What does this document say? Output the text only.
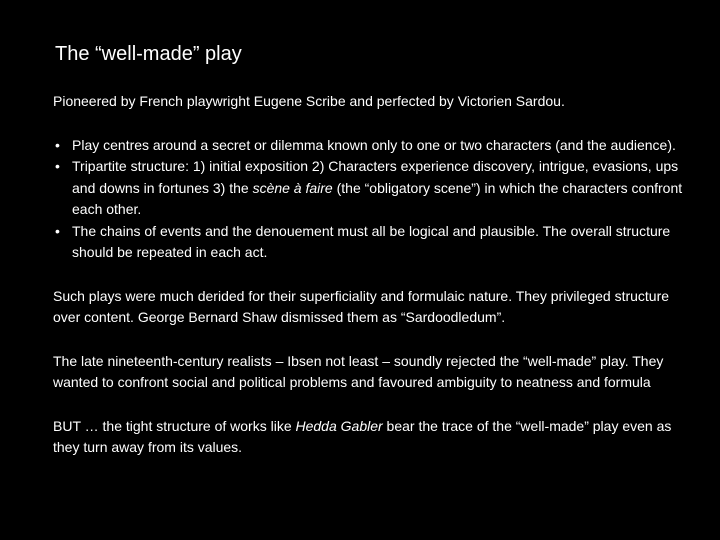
The “well-made” play

Pioneered by French playwright Eugene Scribe and perfected by Victorien Sardou.

• Play centres around a secret or dilemma known only to one or two characters (and the audience).
• Tripartite structure: 1) initial exposition 2) Characters experience discovery, intrigue, evasions, ups and downs in fortunes 3) the scène à faire (the “obligatory scene”) in which the characters confront each other.
• The chains of events and the denouement must all be logical and plausible. The overall structure should be repeated in each act.

Such plays were much derided for their superficiality and formulaic nature. They privileged structure over content. George Bernard Shaw dismissed them as “Sardoodledum”.

The late nineteenth-century realists – Ibsen not least – soundly rejected the “well-made” play. They wanted to confront social and political problems and favoured ambiguity to neatness and formula

BUT … the tight structure of works like Hedda Gabler bear the trace of the “well-made” play even as they turn away from its values.
